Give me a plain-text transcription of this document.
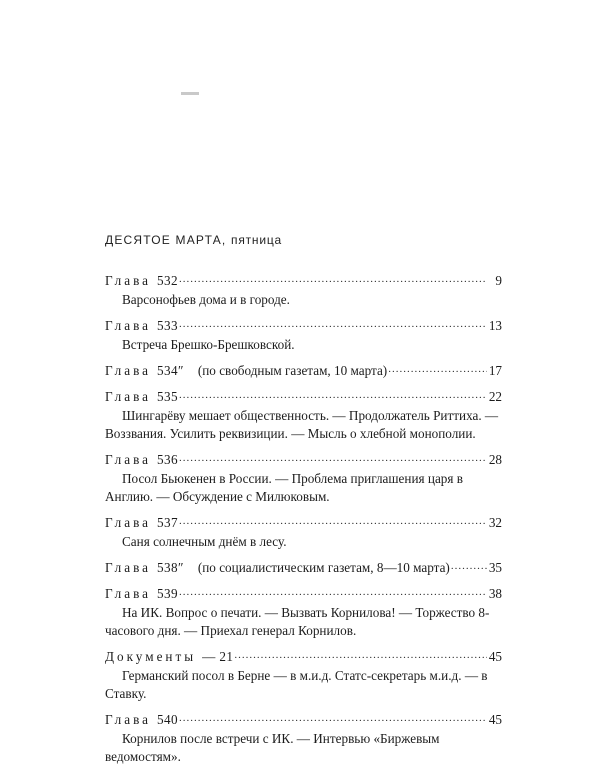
ДЕСЯТОЕ МАРТА, пятница
Глава 532 .....	9
Варсонофьев дома и в городе.
Глава 533 .....	13
Встреча Брешко-Брешковской.
Глава 534″ (по свободным газетам, 10 марта) .....	17
Глава 535 .....	22
Шингарёву мешает общественность. — Продолжатель Риттиха. — Воззвания. Усилить реквизиции. — Мысль о хлебной монополии.
Глава 536 .....	28
Посол Бьюкенен в России. — Проблема приглашения царя в Англию. — Обсуждение с Милюковым.
Глава 537 .....	32
Саня солнечным днём в лесу.
Глава 538″ (по социалистическим газетам, 8—10 марта) .....	35
Глава 539 .....	38
На ИК. Вопрос о печати. — Вызвать Корнилова! — Торжество 8-часового дня. — Приехал генерал Корнилов.
Документы — 21 .....	45
Германский посол в Берне — в м.и.д. Статс-секретарь м.и.д. — в Ставку.
Глава 540 .....	45
Корнилов после встречи с ИК. — Интервью «Биржевым ведомостям».
